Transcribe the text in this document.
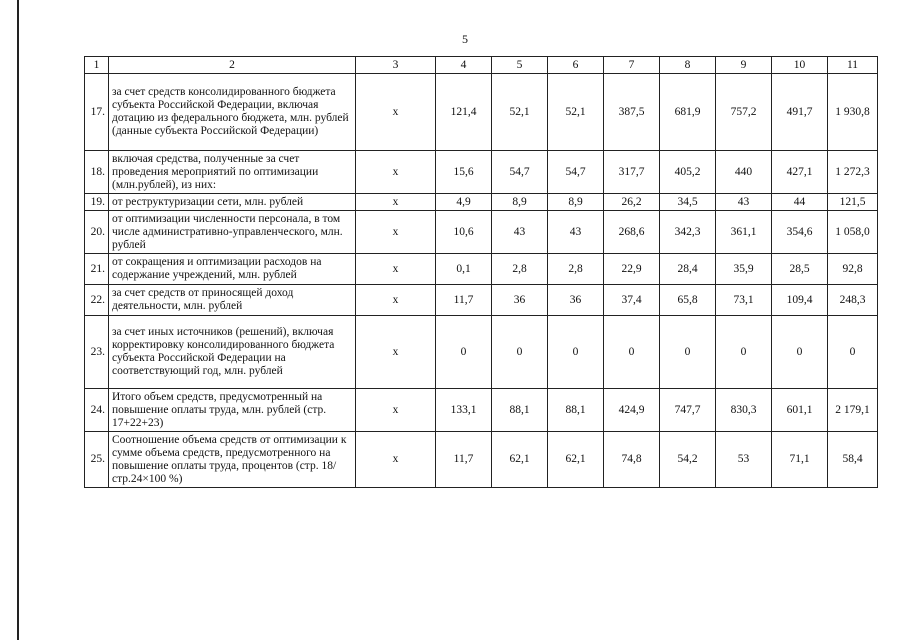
5
1	2	3	4	5	6	7	8	9	10	11
17.	за счет средств консолидированного бюджета субъекта Российской Федерации, включая дотацию из федерального бюджета, млн. рублей (данные субъекта Российской Федерации)	х	121,4	52,1	52,1	387,5	681,9	757,2	491,7	1 930,8
18.	включая средства, полученные за счет проведения мероприятий по оптимизации (млн.рублей), из них:	х	15,6	54,7	54,7	317,7	405,2	440	427,1	1 272,3
19.	от реструктуризации сети, млн. рублей	х	4,9	8,9	8,9	26,2	34,5	43	44	121,5
20.	от оптимизации численности персонала, в том числе административно-управленческого, млн. рублей	х	10,6	43	43	268,6	342,3	361,1	354,6	1 058,0
21.	от сокращения и оптимизации расходов на содержание учреждений, млн. рублей	х	0,1	2,8	2,8	22,9	28,4	35,9	28,5	92,8
22.	за счет средств от приносящей доход деятельности, млн. рублей	х	11,7	36	36	37,4	65,8	73,1	109,4	248,3
23.	за счет иных источников (решений), включая корректировку консолидированного бюджета субъекта Российской Федерации на соответствующий год, млн. рублей	х	0	0	0	0	0	0	0	0
24.	Итого объем средств, предусмотренный на повышение оплаты труда, млн. рублей (стр. 17+22+23)	х	133,1	88,1	88,1	424,9	747,7	830,3	601,1	2 179,1
25.	Соотношение объема средств от оптимизации к сумме объема средств, предусмотренного на повышение оплаты труда, процентов (стр. 18/стр.24×100 %)	х	11,7	62,1	62,1	74,8	54,2	53	71,1	58,4
